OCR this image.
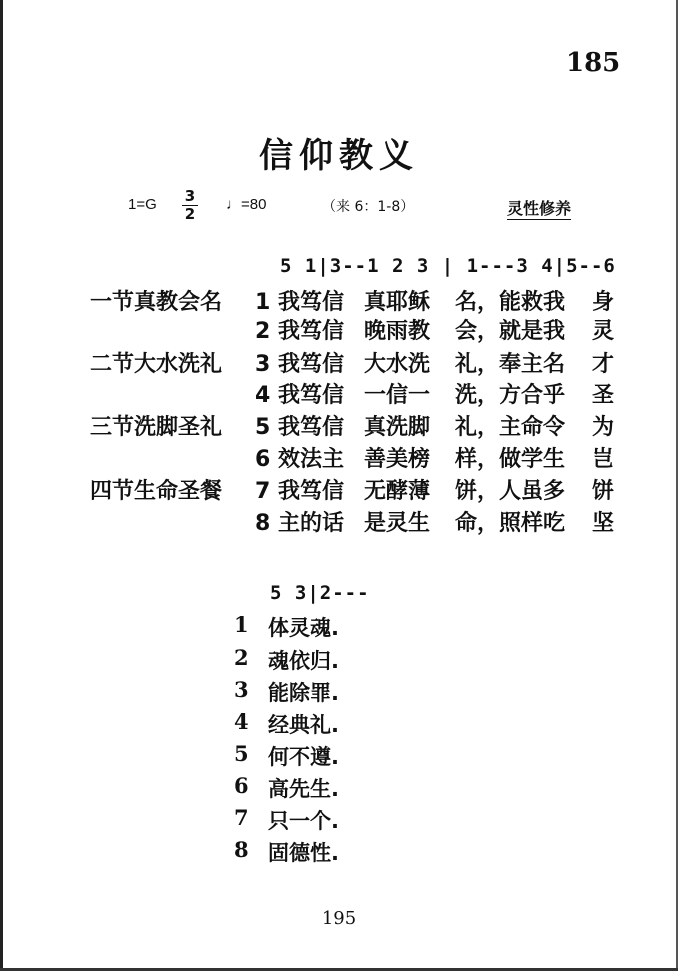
185
信仰教义
$1=G \frac{3}{2}$ ♩=80	（来 6：1-8）	灵性修养
5 1|3--1 2 3 | 1---3 4|5--6
一节真教会名 1 我笃信 真耶稣 名，能救我 身
2 我笃信 晚雨教 会，就是我 灵
二节大水洗礼 3 我笃信 大水洗 礼，奉主名 才
4 我笃信 一信一 洗，方合乎 圣
三节洗脚圣礼 5 我笃信 真洗脚 礼，主命令 为
6 效法主 善美榜 样，做学生 岂
四节生命圣餐 7 我笃信 无酵薄 饼，人虽多 饼
8 主的话 是灵生 命，照样吃 坚
5 3|2---
1 体灵魂.
2 魂依归.
3 能除罪.
4 经典礼.
5 何不遵.
6 高先生.
7 只一个.
8 固德性.
195
